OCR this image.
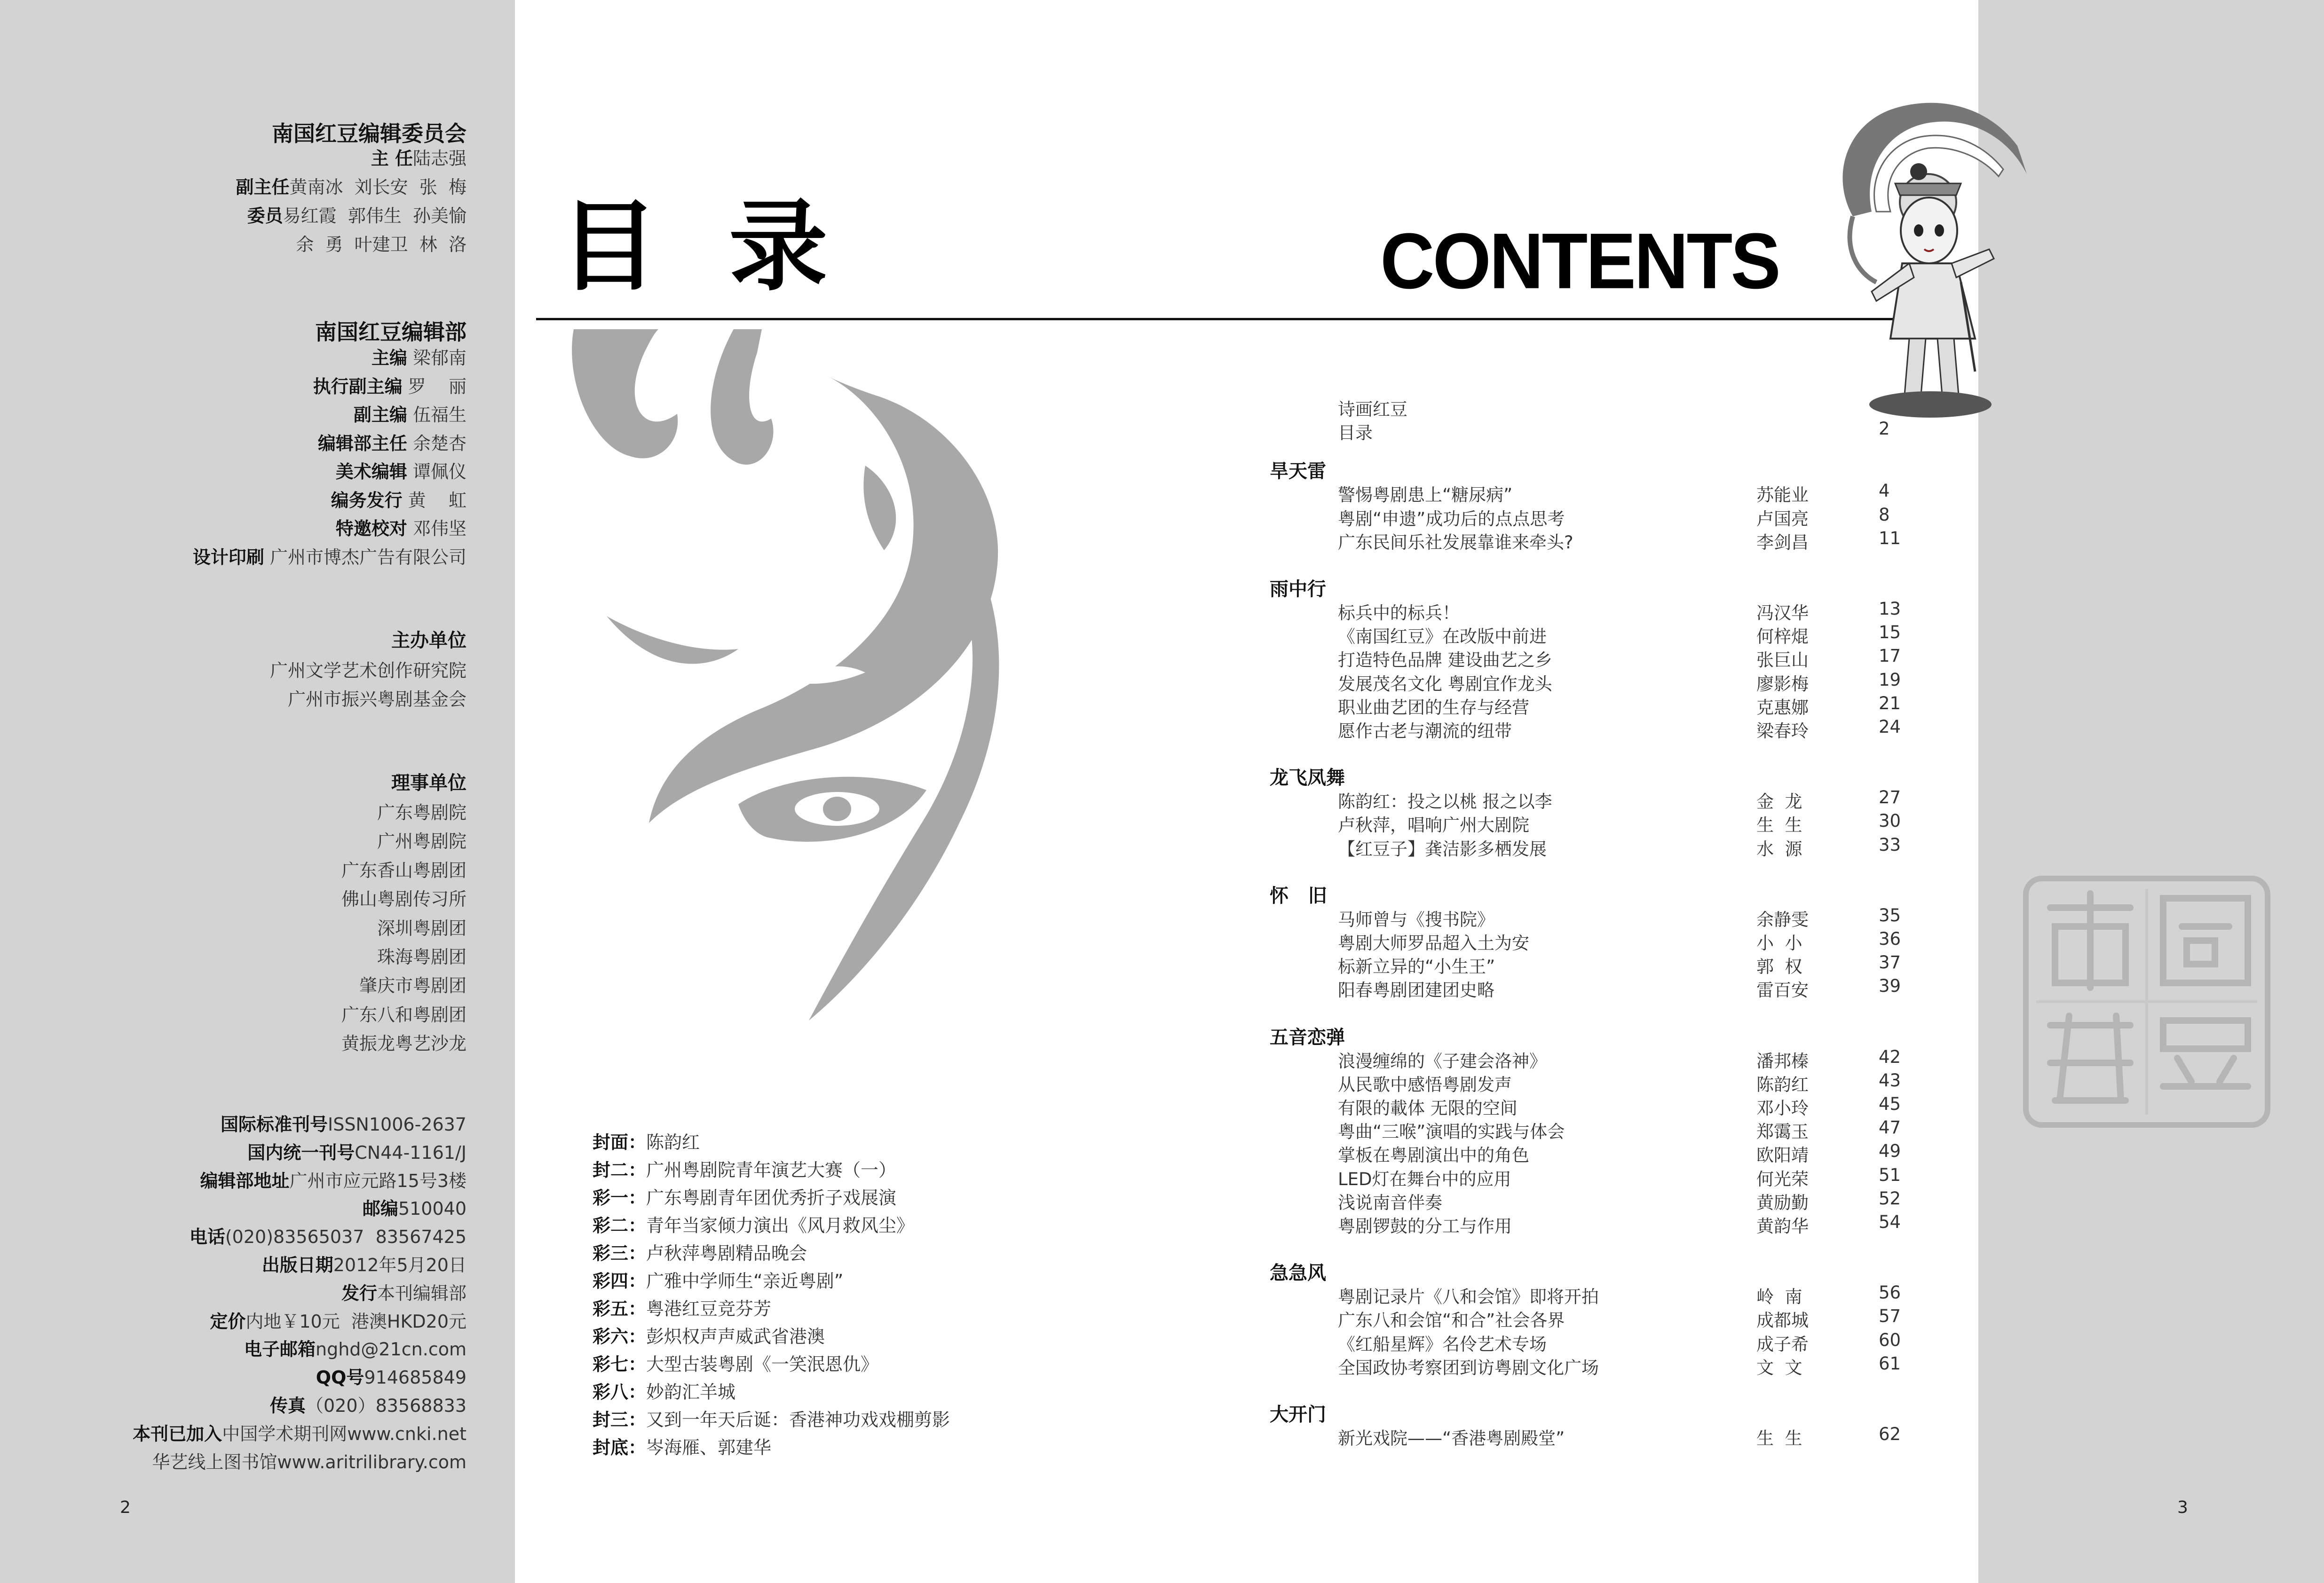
南国红豆编辑委员会
主 任陆志强
副主任黄南冰  刘长安  张  梅
委员易红霞  郭伟生  孙美愉
余  勇  叶建卫  林  洛
南国红豆编辑部
主编 梁郁南
执行副主编 罗    丽
副主编 伍福生
编辑部主任 余楚杏
美术编辑 谭佩仪
编务发行 黄    虹
特邀校对 邓伟坚
设计印刷 广州市博杰广告有限公司
主办单位
广州文学艺术创作研究院
广州市振兴粤剧基金会
理事单位
广东粤剧院
广州粤剧院
广东香山粤剧团
佛山粤剧传习所
深圳粤剧团
珠海粤剧团
肇庆市粤剧团
广东八和粤剧团
黄振龙粤艺沙龙
国际标准刊号ISSN1006-2637
国内统一刊号CN44-1161/J
编辑部地址广州市应元路15号3楼
邮编510040
电话(020)83565037  83567425
出版日期2012年5月20日
发行本刊编辑部
定价内地￥10元  港澳HKD20元
电子邮箱nghd@21cn.com
QQ号914685849
传真（020）83568833
本刊已加入中国学术期刊网www.cnki.net
华艺线上图书馆www.aritrilibrary.com
目录	CONTENTS
封面：陈韵红
封二：广州粤剧院青年演艺大赛（一）
彩一：广东粤剧青年团优秀折子戏展演
彩二：青年当家倾力演出《风月救风尘》
彩三：卢秋萍粤剧精品晚会
彩四：广雅中学师生“亲近粤剧”
彩五：粤港红豆竞芬芳
彩六：彭炽权声声威武省港澳
彩七：大型古装粤剧《一笑泯恩仇》
彩八：妙韵汇羊城
封三：又到一年天后诞：香港神功戏戏棚剪影
封底：岑海雁、郭建华
诗画红豆
目录	2
旱天雷
警惕粤剧患上“糖尿病”	苏能业	4
粤剧“申遗”成功后的点点思考	卢国亮	8
广东民间乐社发展靠谁来牵头?	李剑昌	11
雨中行
标兵中的标兵！	冯汉华	13
《南国红豆》在改版中前进	何梓焜	15
打造特色品牌 建设曲艺之乡	张巨山	17
发展茂名文化 粤剧宜作龙头	廖影梅	19
职业曲艺团的生存与经营	克惠娜	21
愿作古老与潮流的纽带	梁春玲	24
龙飞凤舞
陈韵红：投之以桃 报之以李	金  龙	27
卢秋萍，唱响广州大剧院	生  生	30
【红豆子】龚洁影多栖发展	水  源	33
怀   旧
马师曾与《搜书院》	余静雯	35
粤剧大师罗品超入土为安	小  小	36
标新立异的“小生王”	郭  权	37
阳春粤剧团建团史略	雷百安	39
五音恋弹
浪漫缠绵的《子建会洛神》	潘邦榛	42
从民歌中感悟粤剧发声	陈韵红	43
有限的載体 无限的空间	邓小玲	45
粤曲“三喉”演唱的实践与体会	郑霭玉	47
掌板在粤剧演出中的角色	欧阳靖	49
LED灯在舞台中的应用	何光荣	51
浅说南音伴奏	黄励勤	52
粤剧锣鼓的分工与作用	黄韵华	54
急急风
粤剧记录片《八和会馆》即将开拍	岭  南	56
广东八和会馆“和合”社会各界	成都城	57
《红船星辉》名伶艺术专场	成子希	60
全国政协考察团到访粤剧文化广场	文  文	61
大开门
新光戏院——“香港粤剧殿堂”	生  生	62
2	3
